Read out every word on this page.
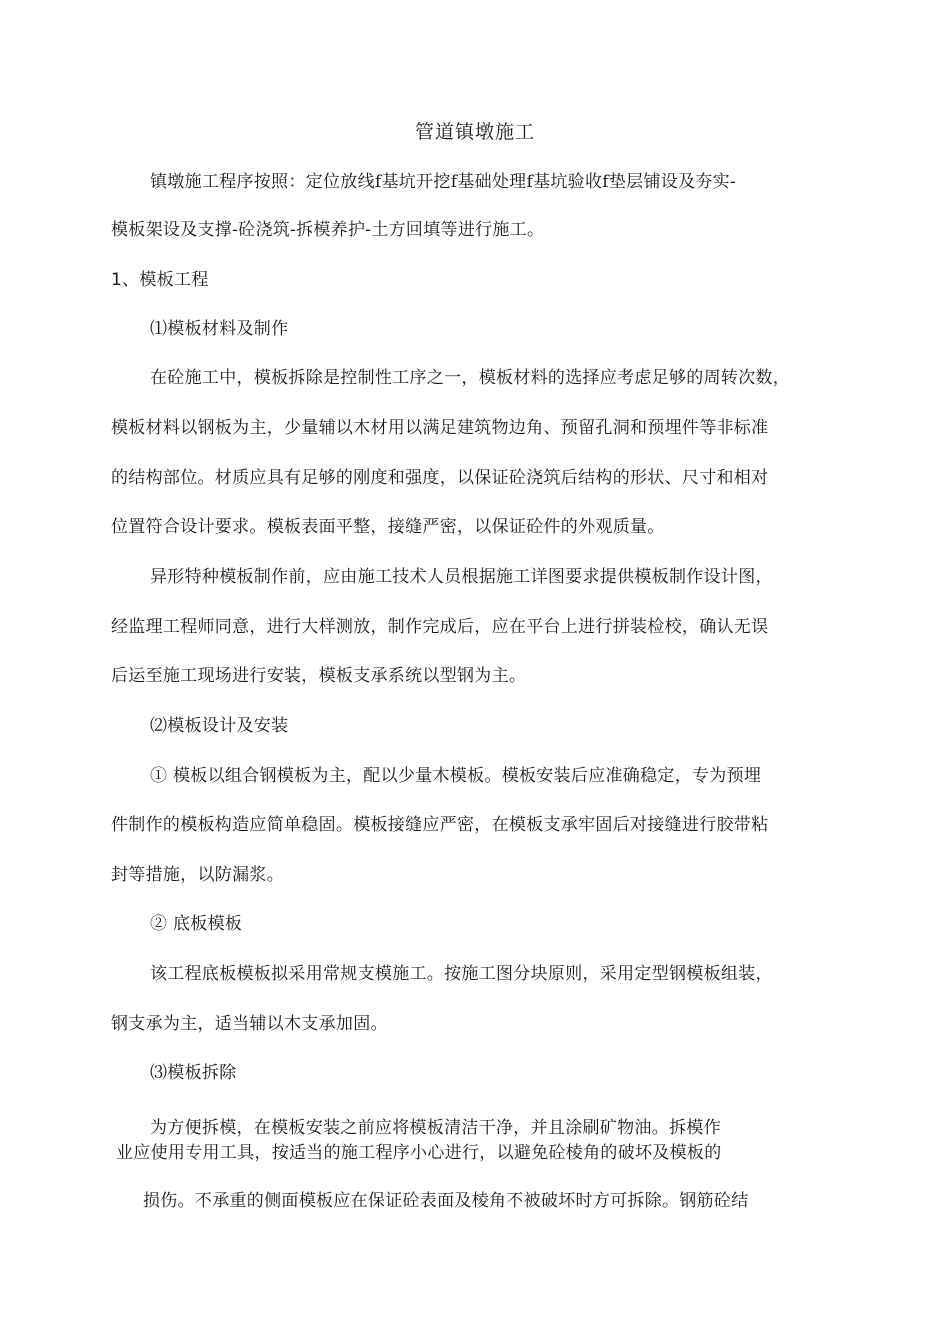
管道镇墩施工
镇墩施工程序按照：定位放线f基坑开挖f基础处理f基坑验收f垫层铺设及夯实-
模板架设及支撑-砼浇筑-拆模养护-土方回填等进行施工。
1、模板工程
⑴模板材料及制作
在砼施工中，模板拆除是控制性工序之一，模板材料的选择应考虑足够的周转次数，
模板材料以钢板为主，少量辅以木材用以满足建筑物边角、预留孔洞和预埋件等非标准
的结构部位。材质应具有足够的刚度和强度，以保证砼浇筑后结构的形状、尺寸和相对
位置符合设计要求。模板表面平整，接缝严密，以保证砼件的外观质量。
异形特种模板制作前，应由施工技术人员根据施工详图要求提供模板制作设计图，
经监理工程师同意，进行大样测放，制作完成后，应在平台上进行拼装检校，确认无误
后运至施工现场进行安装，模板支承系统以型钢为主。
⑵模板设计及安装
① 模板以组合钢模板为主，配以少量木模板。模板安装后应准确稳定，专为预埋
件制作的模板构造应简单稳固。模板接缝应严密，在模板支承牢固后对接缝进行胶带粘
封等措施，以防漏浆。
② 底板模板
该工程底板模板拟采用常规支模施工。按施工图分块原则，采用定型钢模板组装，
钢支承为主，适当辅以木支承加固。
⑶模板拆除
为方便拆模，在模板安装之前应将模板清洁干净，并且涂刷矿物油。拆模作
业应使用专用工具，按适当的施工程序小心进行，以避免砼棱角的破坏及模板的
损伤。不承重的侧面模板应在保证砼表面及棱角不被破坏时方可拆除。钢筋砼结
